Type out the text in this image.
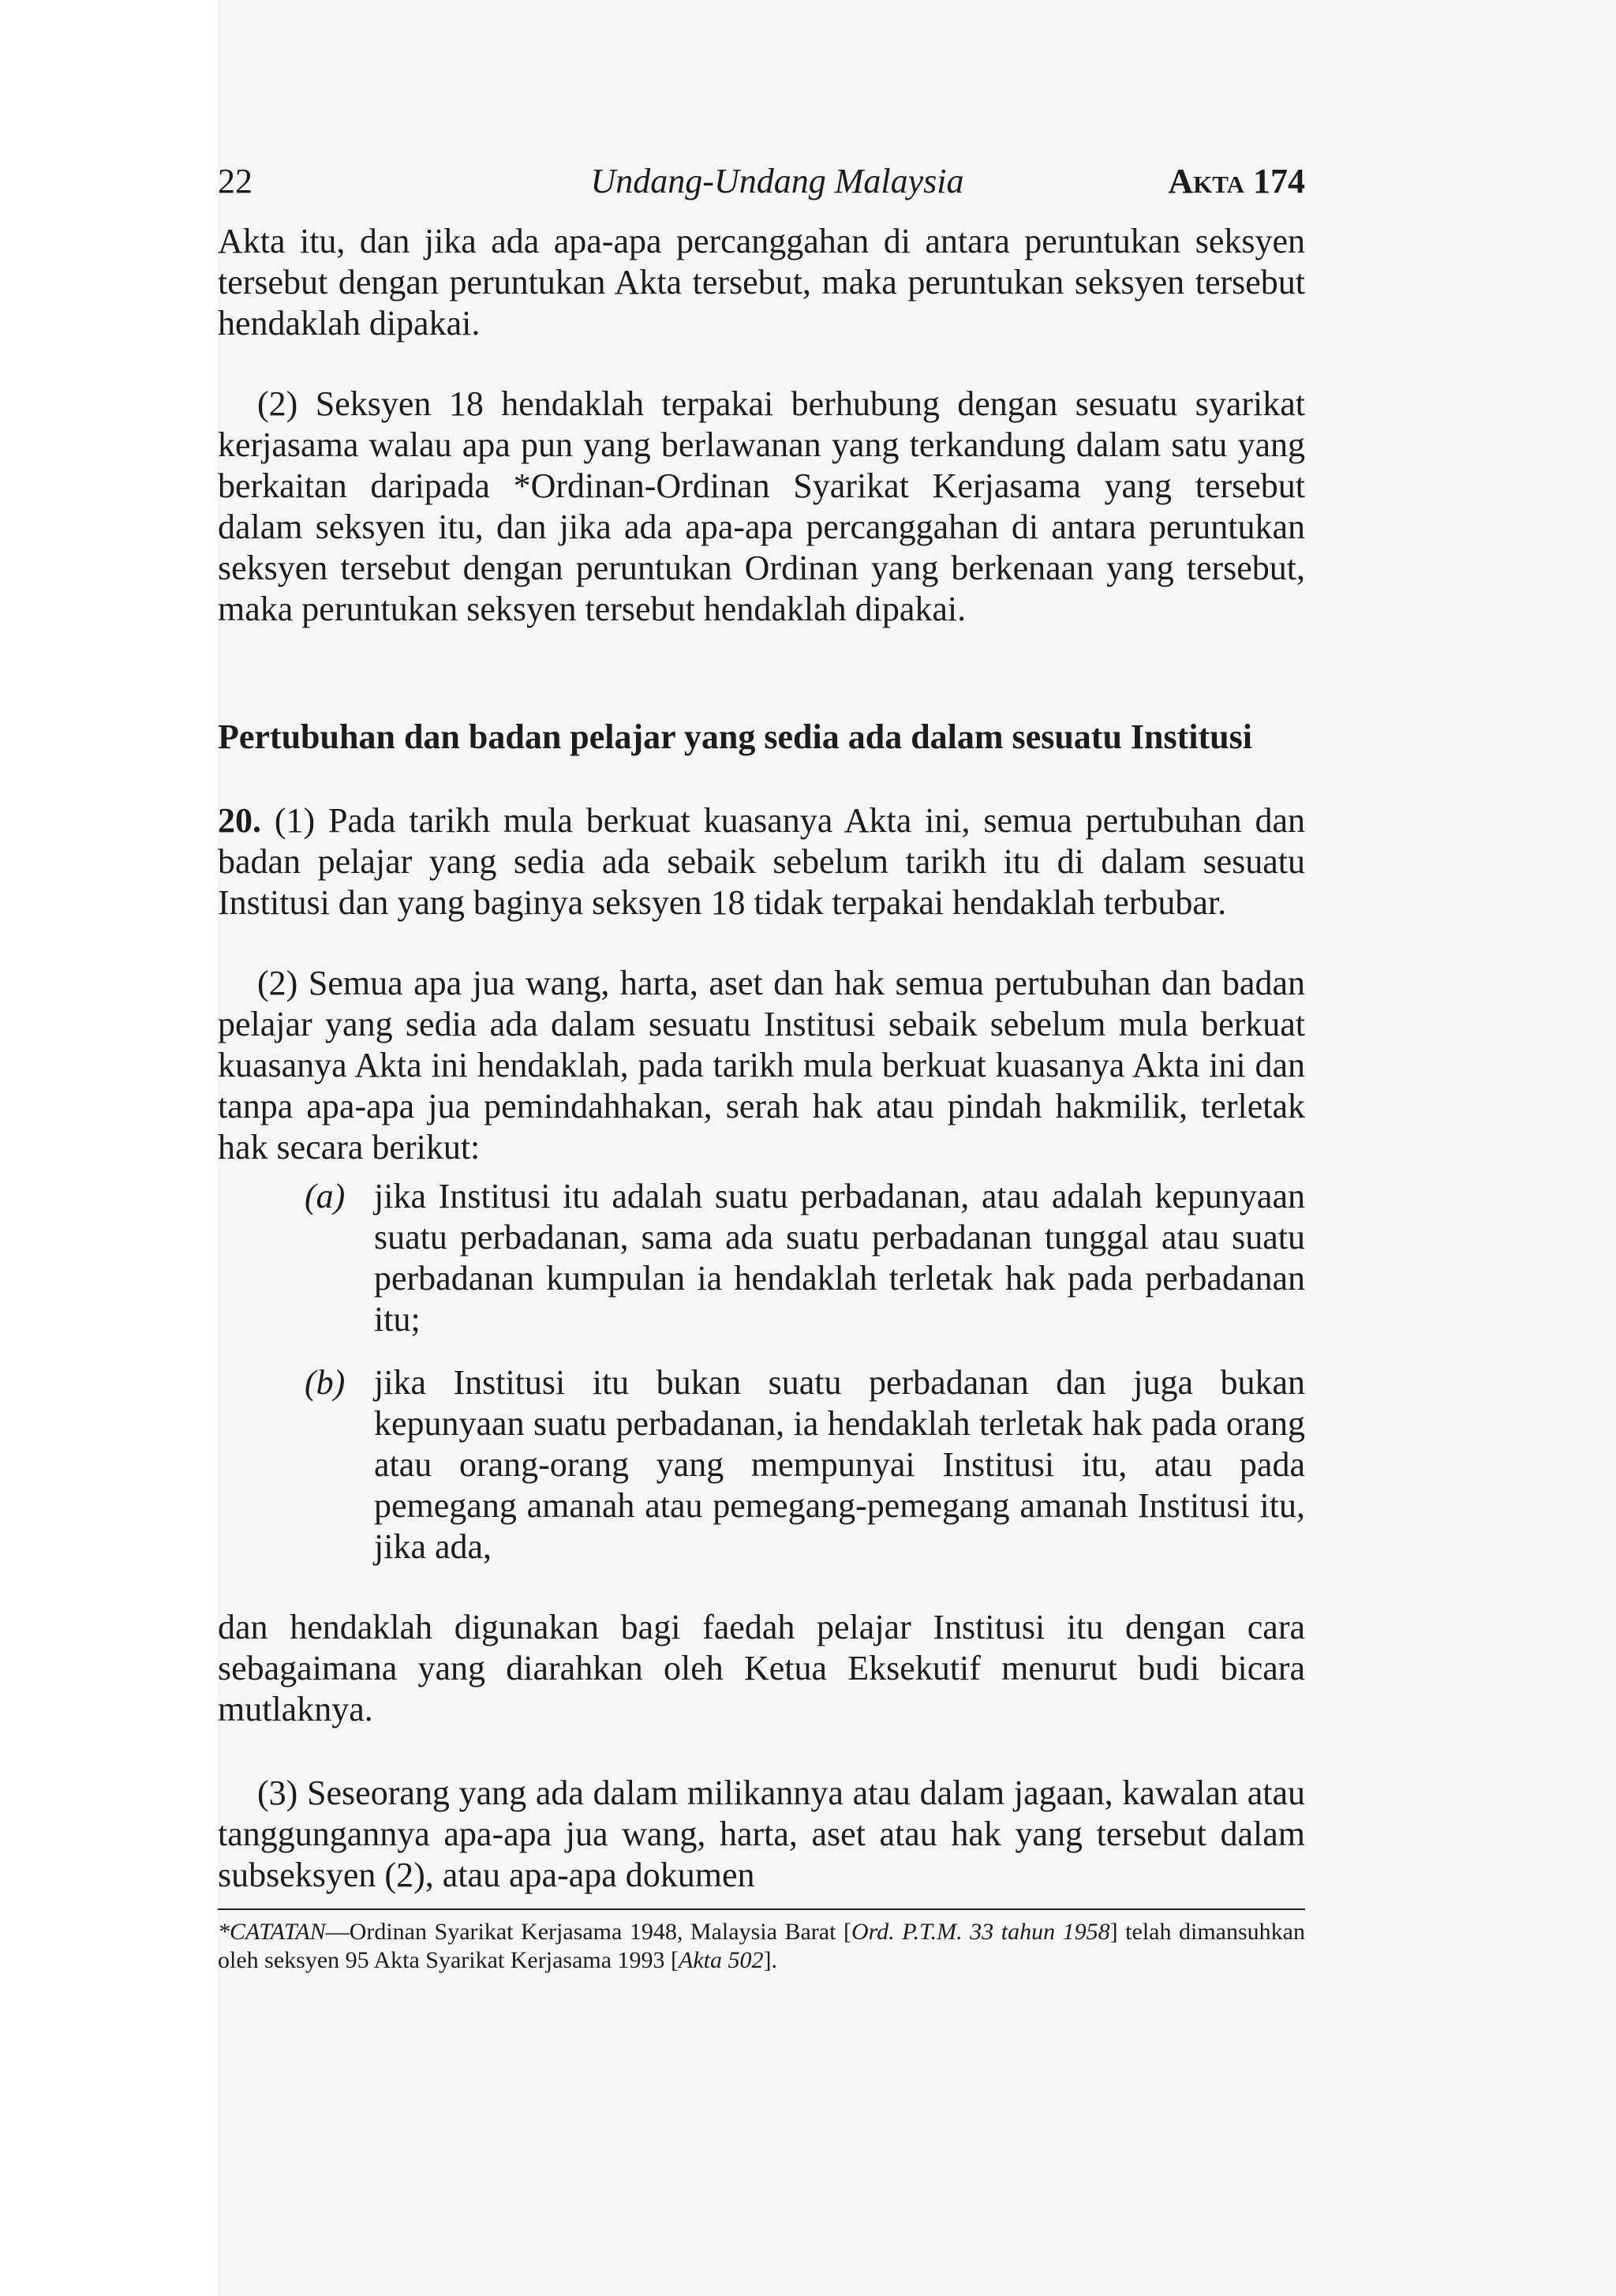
22	Undang-Undang Malaysia	Akta 174

Akta itu, dan jika ada apa-apa percanggahan di antara peruntukan seksyen tersebut dengan peruntukan Akta tersebut, maka peruntukan seksyen tersebut hendaklah dipakai.

(2) Seksyen 18 hendaklah terpakai berhubung dengan sesuatu syarikat kerjasama walau apa pun yang berlawanan yang terkandung dalam satu yang berkaitan daripada *Ordinan-Ordinan Syarikat Kerjasama yang tersebut dalam seksyen itu, dan jika ada apa-apa percanggahan di antara peruntukan seksyen tersebut dengan peruntukan Ordinan yang berkenaan yang tersebut, maka peruntukan seksyen tersebut hendaklah dipakai.

Pertubuhan dan badan pelajar yang sedia ada dalam sesuatu Institusi

20. (1) Pada tarikh mula berkuat kuasanya Akta ini, semua pertubuhan dan badan pelajar yang sedia ada sebaik sebelum tarikh itu di dalam sesuatu Institusi dan yang baginya seksyen 18 tidak terpakai hendaklah terbubar.

(2) Semua apa jua wang, harta, aset dan hak semua pertubuhan dan badan pelajar yang sedia ada dalam sesuatu Institusi sebaik sebelum mula berkuat kuasanya Akta ini hendaklah, pada tarikh mula berkuat kuasanya Akta ini dan tanpa apa-apa jua pemindahhakan, serah hak atau pindah hakmilik, terletak hak secara berikut:

(a) jika Institusi itu adalah suatu perbadanan, atau adalah kepunyaan suatu perbadanan, sama ada suatu perbadanan tunggal atau suatu perbadanan kumpulan ia hendaklah terletak hak pada perbadanan itu;

(b) jika Institusi itu bukan suatu perbadanan dan juga bukan kepunyaan suatu perbadanan, ia hendaklah terletak hak pada orang atau orang-orang yang mempunyai Institusi itu, atau pada pemegang amanah atau pemegang-pemegang amanah Institusi itu, jika ada,

dan hendaklah digunakan bagi faedah pelajar Institusi itu dengan cara sebagaimana yang diarahkan oleh Ketua Eksekutif menurut budi bicara mutlaknya.

(3) Seseorang yang ada dalam milikannya atau dalam jagaan, kawalan atau tanggungannya apa-apa jua wang, harta, aset atau hak yang tersebut dalam subseksyen (2), atau apa-apa dokumen

*CATATAN—Ordinan Syarikat Kerjasama 1948, Malaysia Barat [Ord. P.T.M. 33 tahun 1958] telah dimansuhkan oleh seksyen 95 Akta Syarikat Kerjasama 1993 [Akta 502].
